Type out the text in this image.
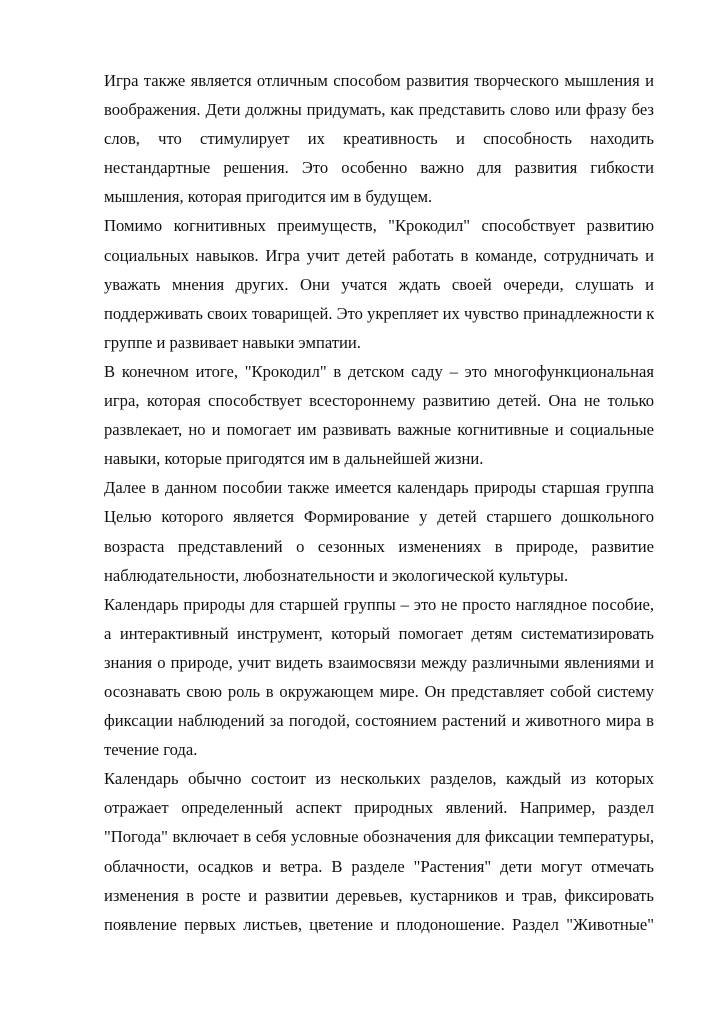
Игра также является отличным способом развития творческого мышления и
воображения. Дети должны придумать, как представить слово или фразу без
слов, что стимулирует их креативность и способность находить
нестандартные решения. Это особенно важно для развития гибкости
мышления, которая пригодится им в будущем.
Помимо когнитивных преимуществ, "Крокодил" способствует развитию
социальных навыков. Игра учит детей работать в команде, сотрудничать и
уважать мнения других. Они учатся ждать своей очереди, слушать и
поддерживать своих товарищей. Это укрепляет их чувство принадлежности к
группе и развивает навыки эмпатии.
В конечном итоге, "Крокодил" в детском саду – это многофункциональная
игра, которая способствует всестороннему развитию детей. Она не только
развлекает, но и помогает им развивать важные когнитивные и социальные
навыки, которые пригодятся им в дальнейшей жизни.
Далее в данном пособии также имеется календарь природы старшая группа
Целью которого является Формирование у детей старшего дошкольного
возраста представлений о сезонных изменениях в природе, развитие
наблюдательности, любознательности и экологической культуры.
Календарь природы для старшей группы – это не просто наглядное пособие,
а интерактивный инструмент, который помогает детям систематизировать
знания о природе, учит видеть взаимосвязи между различными явлениями и
осознавать свою роль в окружающем мире. Он представляет собой систему
фиксации наблюдений за погодой, состоянием растений и животного мира в
течение года.
Календарь обычно состоит из нескольких разделов, каждый из которых
отражает определенный аспект природных явлений. Например, раздел
"Погода" включает в себя условные обозначения для фиксации температуры,
облачности, осадков и ветра. В разделе "Растения" дети могут отмечать
изменения в росте и развитии деревьев, кустарников и трав, фиксировать
появление первых листьев, цветение и плодоношение. Раздел "Животные"
